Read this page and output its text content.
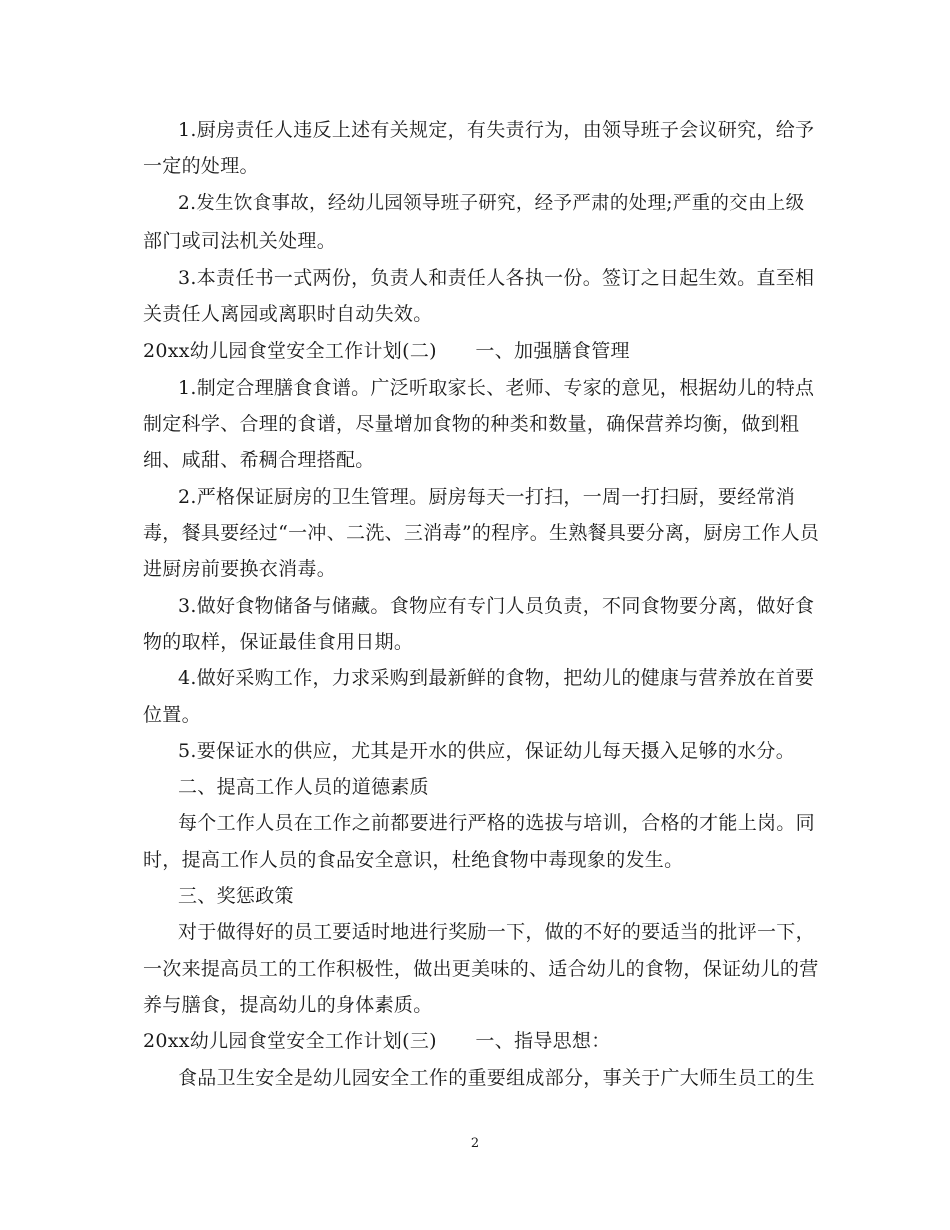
1.厨房责任人违反上述有关规定，有失责行为，由领导班子会议研究，给予
一定的处理。
2.发生饮食事故，经幼儿园领导班子研究，经予严肃的处理;严重的交由上级
部门或司法机关处理。
3.本责任书一式两份，负责人和责任人各执一份。签订之日起生效。直至相
关责任人离园或离职时自动失效。
20xx幼儿园食堂安全工作计划(二)　　一、加强膳食管理
1.制定合理膳食食谱。广泛听取家长、老师、专家的意见，根据幼儿的特点
制定科学、合理的食谱，尽量增加食物的种类和数量，确保营养均衡，做到粗
细、咸甜、希稠合理搭配。
2.严格保证厨房的卫生管理。厨房每天一打扫，一周一打扫厨，要经常消
毒，餐具要经过“一冲、二洗、三消毒”的程序。生熟餐具要分离，厨房工作人员
进厨房前要换衣消毒。
3.做好食物储备与储藏。食物应有专门人员负责，不同食物要分离，做好食
物的取样，保证最佳食用日期。
4.做好采购工作，力求采购到最新鲜的食物，把幼儿的健康与营养放在首要
位置。
5.要保证水的供应，尤其是开水的供应，保证幼儿每天摄入足够的水分。
二、提高工作人员的道德素质
每个工作人员在工作之前都要进行严格的选拔与培训，合格的才能上岗。同
时，提高工作人员的食品安全意识，杜绝食物中毒现象的发生。
三、奖惩政策
对于做得好的员工要适时地进行奖励一下，做的不好的要适当的批评一下，
一次来提高员工的工作积极性，做出更美味的、适合幼儿的食物，保证幼儿的营
养与膳食，提高幼儿的身体素质。
20xx幼儿园食堂安全工作计划(三)　　一、指导思想：
食品卫生安全是幼儿园安全工作的重要组成部分，事关于广大师生员工的生
2
